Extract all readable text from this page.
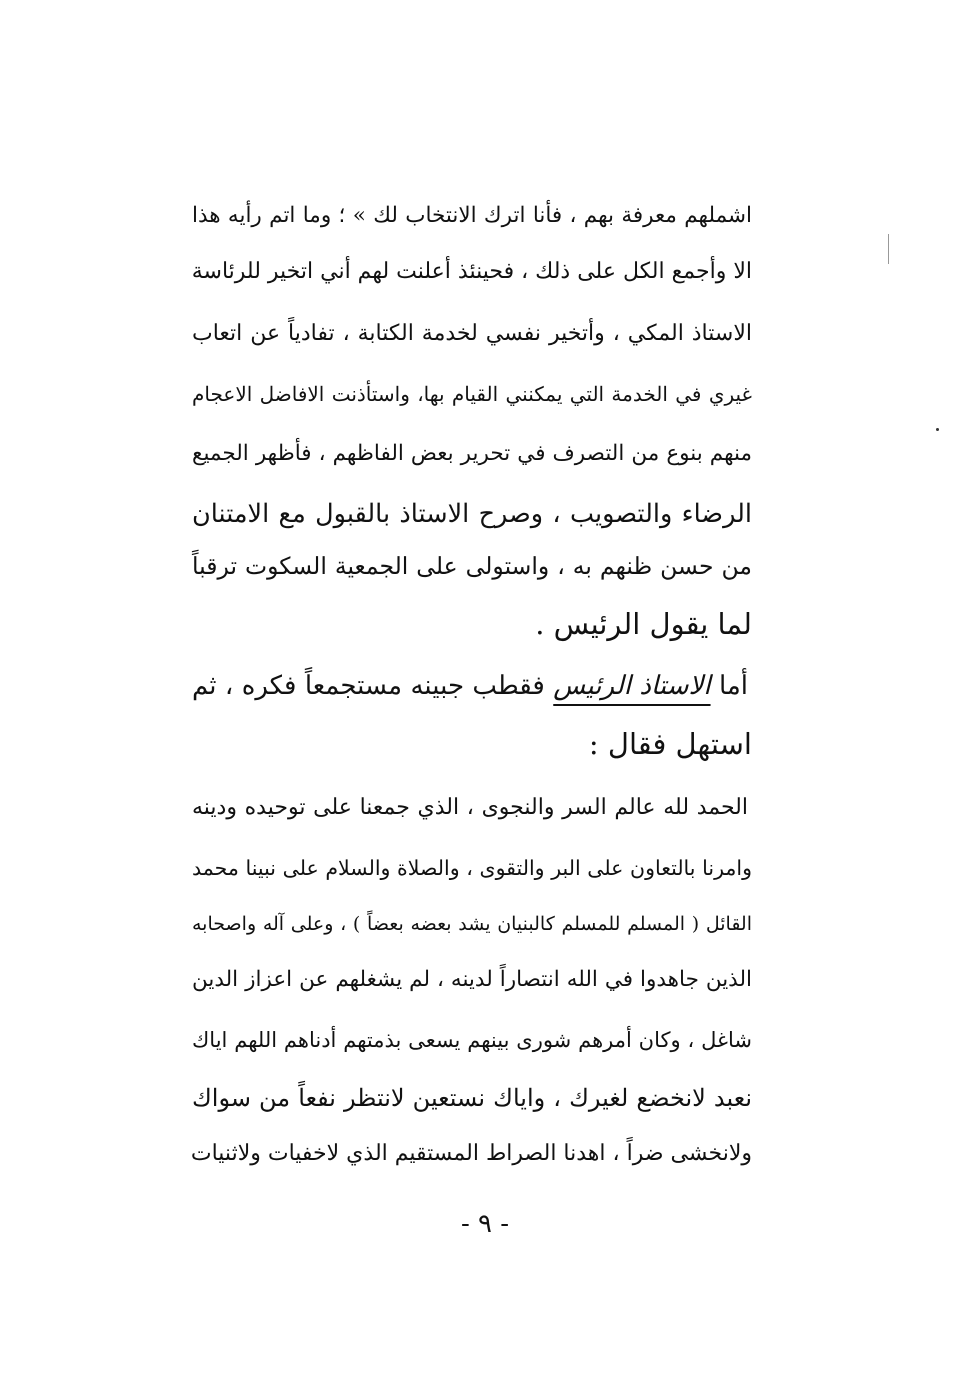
اشملهم معرفة بهم ، فأنا اترك الانتخاب لك » ؛ وما اتم رأيه هذا
الا وأجمع الكل على ذلك ، فحينئذ أعلنت لهم أني اتخير للرئاسة
الاستاذ المكي ، وأتخير نفسي لخدمة الكتابة ، تفادياً عن اتعاب
غيري في الخدمة التي يمكنني القيام بها، واستأذنت الافاضل الاعجام
منهم بنوع من التصرف في تحرير بعض الفاظهم ، فأظهر الجميع
الرضاء والتصويب ، وصرح الاستاذ بالقبول مع الامتنان
من حسن ظنهم به ، واستولى على الجمعية السكوت ترقباً
لما يقول الرئيس .
أما الاستاذ الرئيس فقطب جبينه مستجمعاً فكره ، ثم
استهل فقال :
الحمد لله عالم السر والنجوى ، الذي جمعنا على توحيده ودينه
وامرنا بالتعاون على البر والتقوى ، والصلاة والسلام على نبينا محمد
القائل ( المسلم للمسلم كالبنيان يشد بعضه بعضاً ) ، وعلى آله واصحابه
الذين جاهدوا في الله انتصاراً لدينه ، لم يشغلهم عن اعزاز الدين
شاغل ، وكان أمرهم شورى بينهم يسعى بذمتهم أدناهم اللهم اياك
نعبد لانخضع لغيرك ، واياك نستعين لانتظر نفعاً من سواك
ولانخشى ضراً ، اهدنا الصراط المستقيم الذي لاخفيات ولاثنيات
- ٩ -
